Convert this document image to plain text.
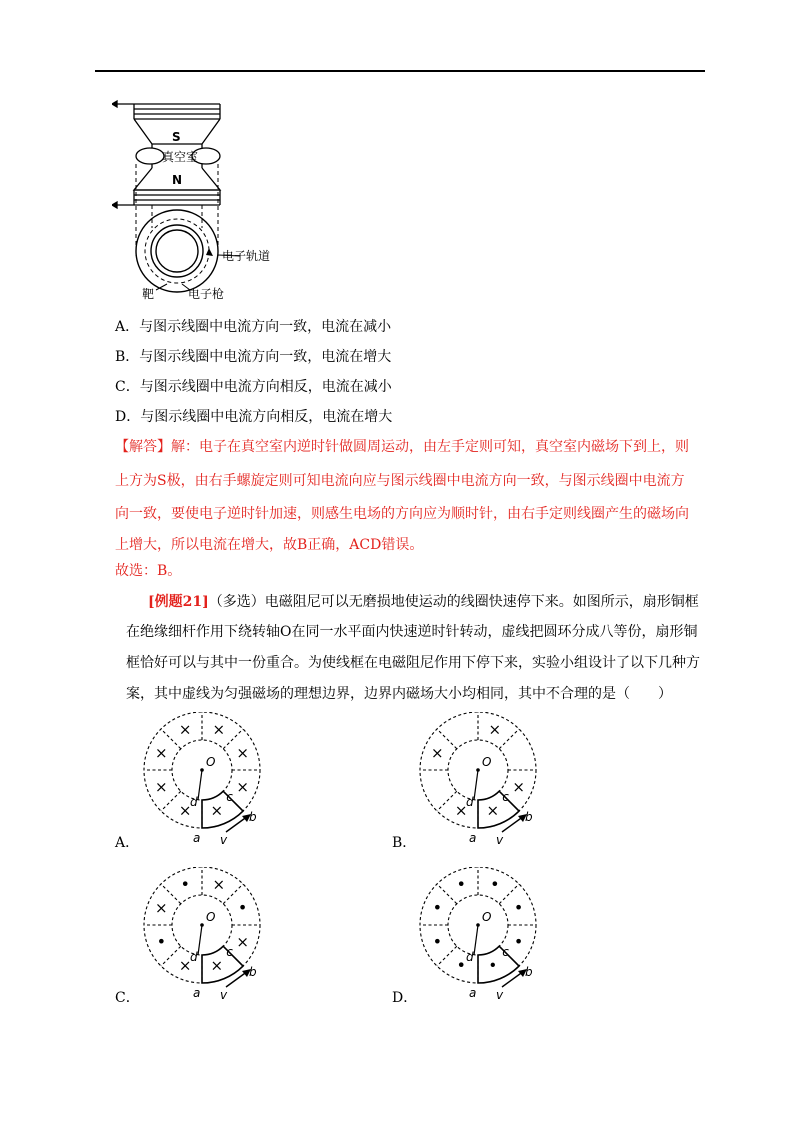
S
真空室
N
电子轨道
靶	电子枪
A．与图示线圈中电流方向一致，电流在减小
B．与图示线圈中电流方向一致，电流在增大
C．与图示线圈中电流方向相反，电流在减小
D．与图示线圈中电流方向相反，电流在增大
【解答】解：电子在真空室内逆时针做圆周运动，由左手定则可知，真空室内磁场下到上，则
上方为S极，由右手螺旋定则可知电流向应与图示线圈中电流方向一致，与图示线圈中电流方
向一致，要使电子逆时针加速，则感生电场的方向应为顺时针，由右手定则线圈产生的磁场向
上增大，所以电流在增大，故B正确，ACD错误。
故选：B。
[例题21]（多选）电磁阻尼可以无磨损地使运动的线圈快速停下来。如图所示，扇形铜框
在绝缘细杆作用下绕转轴O在同一水平面内快速逆时针转动，虚线把圆环分成八等份，扇形铜
框恰好可以与其中一份重合。为使线框在电磁阻尼作用下停下来，实验小组设计了以下几种方
案，其中虚线为匀强磁场的理想边界，边界内磁场大小均相同，其中不合理的是（　　）
A．	B．
C．	D．
×
×
×
×
×
×
×
×
O
d c
a
b
v
×
×
×
×
×
O
d c
a
b
v
×
•
×
×
•
×
•
×
O
d c
a
b
v
•
•
•
•
•
•
•
•
O
d c
a
b
v
